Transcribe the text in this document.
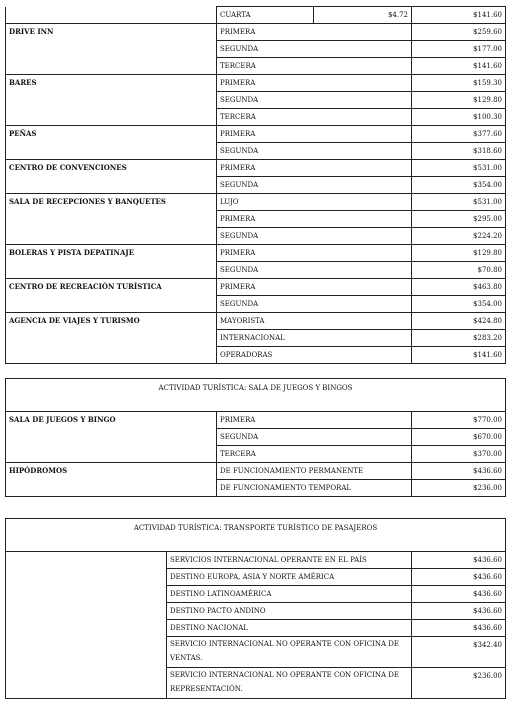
	CUARTA	$4.72	$141.60
DRIVE INN	PRIMERA		$259.60
	SEGUNDA		$177.00
	TERCERA		$141.60
BARES	PRIMERA		$159.30
	SEGUNDA		$129.80
	TERCERA		$100.30
PEÑAS	PRIMERA		$377.60
	SEGUNDA		$318.60
CENTRO DE CONVENCIONES	PRIMERA		$531.00
	SEGUNDA		$354.00
SALA DE RECEPCIONES Y BANQUETES	LUJO		$531.00
	PRIMERA		$295.00
	SEGUNDA		$224.20
BOLERAS Y PISTA DEPATINAJE	PRIMERA		$129.80
	SEGUNDA		$70.80
CENTRO DE RECREACIÓN TURÍSTICA	PRIMERA		$463.80
	SEGUNDA		$354.00
AGENCIA DE VIAJES Y TURISMO	MAYORISTA		$424.80
	INTERNACIONAL		$283.20
	OPERADORAS		$141.60
ACTIVIDAD TURÍSTICA: SALA DE JUEGOS Y BINGOS		
SALA DE JUEGOS Y BINGO	PRIMERA	$770.00
	SEGUNDA	$670.00
	TERCERA	$370.00
HIPÓDROMOS	DE FUNCIONAMIENTO PERMANENTE	$436.60
	DE FUNCIONAMIENTO TEMPORAL	$236.00
ACTIVIDAD TURÍSTICA: TRANSPORTE TURÍSTICO DE PASAJEROS		
	SERVICIOS INTERNACIONAL OPERANTE EN EL PAÍS	$436.60
	DESTINO EUROPA, ASIA Y NORTE AMÉRICA	$436.60
	DESTINO LATINOAMÉRICA	$436.60
	DESTINO PACTO ANDINO	$436.60
	DESTINO NACIONAL	$436.60
	SERVICIO INTERNACIONAL NO OPERANTE CON OFICINA DE VENTAS.	$342.40
	SERVICIO INTERNACIONAL NO OPERANTE CON OFICINA DE REPRESENTACIÓN.	$236.00
